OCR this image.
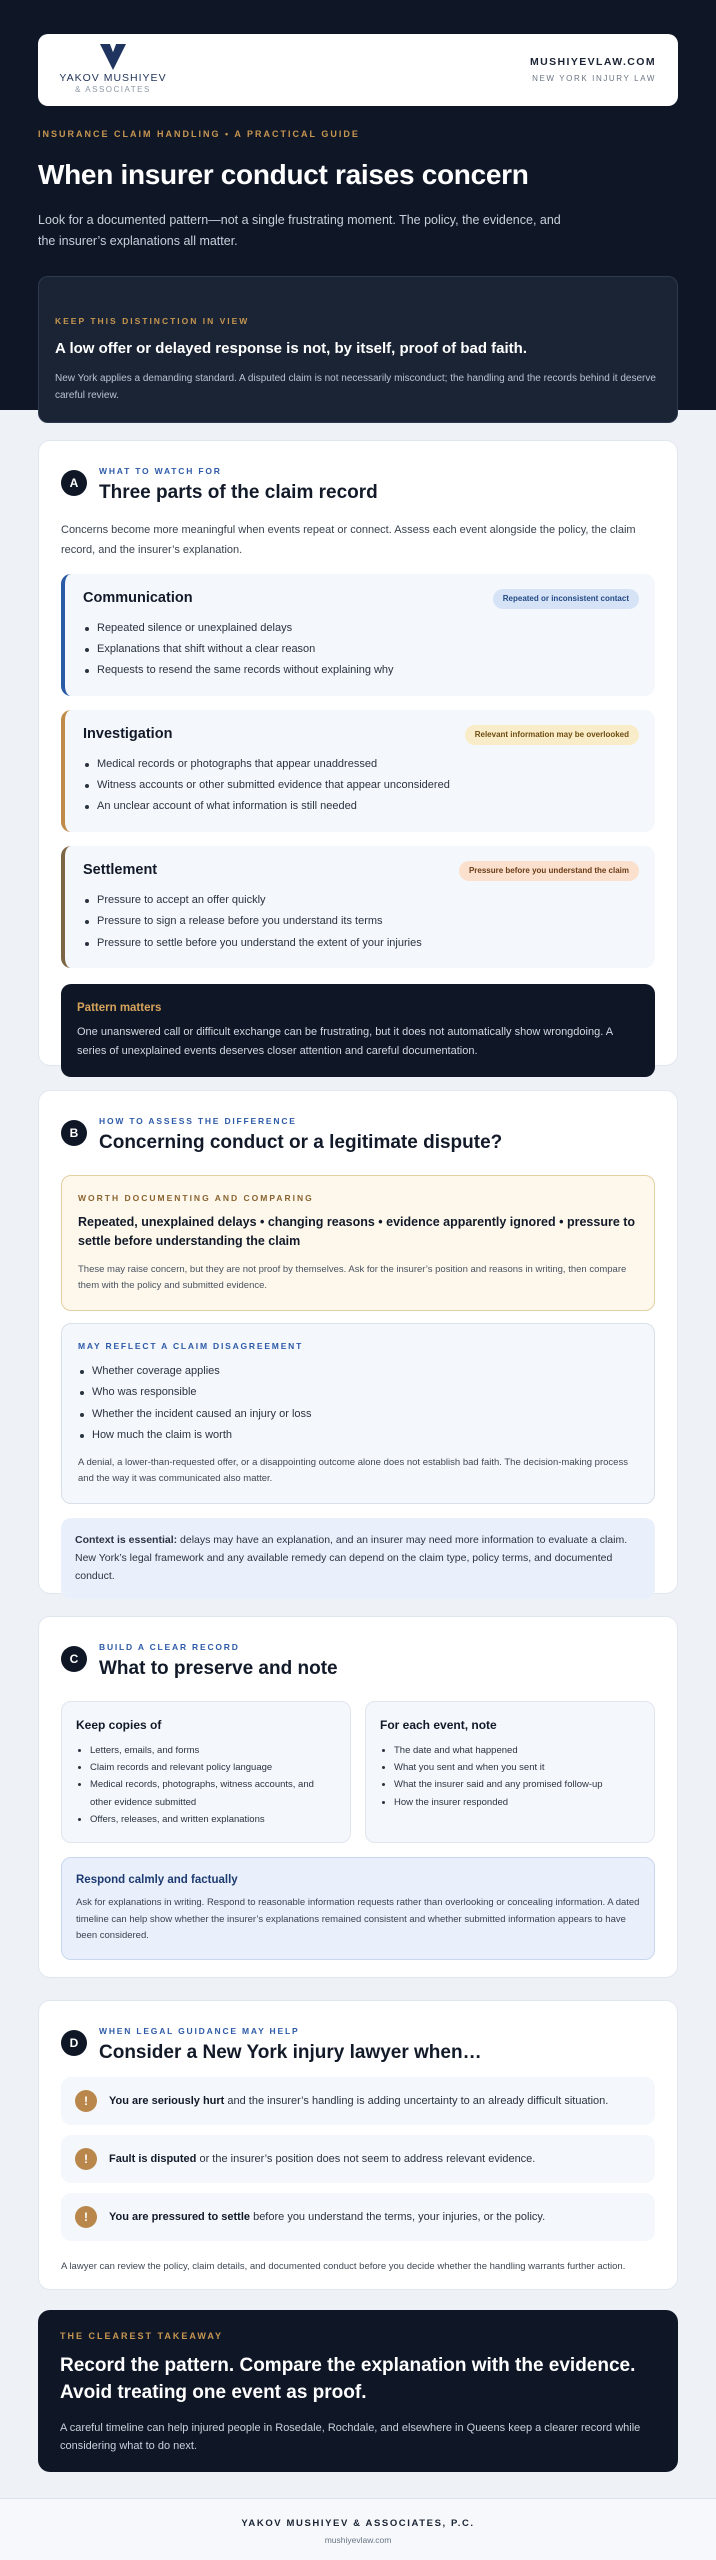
YAKOV MUSHIYEV
& ASSOCIATES
MUSHIYEVLAW.COM
NEW YORK INJURY LAW
INSURANCE CLAIM HANDLING • A PRACTICAL GUIDE
When insurer conduct raises concern

Look for a documented pattern—not a single frustrating moment. The policy, the evidence, and the insurer’s explanations all matter.

KEEP THIS DISTINCTION IN VIEW
A low offer or delayed response is not, by itself, proof of bad faith.

New York applies a demanding standard. A disputed claim is not necessarily misconduct; the handling and the records behind it deserve careful review.

A
WHAT TO WATCH FOR
Three parts of the claim record

Concerns become more meaningful when events repeat or connect. Assess each event alongside the policy, the claim record, and the insurer’s explanation.

Communication	Repeated or inconsistent contact
Repeated silence or unexplained delays
Explanations that shift without a clear reason
Requests to resend the same records without explaining why
Investigation	Relevant information may be overlooked
Medical records or photographs that appear unaddressed
Witness accounts or other submitted evidence that appear unconsidered
An unclear account of what information is still needed
Settlement	Pressure before you understand the claim
Pressure to accept an offer quickly
Pressure to sign a release before you understand its terms
Pressure to settle before you understand the extent of your injuries
Pattern matters

One unanswered call or difficult exchange can be frustrating, but it does not automatically show wrongdoing. A series of unexplained events deserves closer attention and careful documentation.

B
HOW TO ASSESS THE DIFFERENCE
Concerning conduct or a legitimate dispute?
WORTH DOCUMENTING AND COMPARING
Repeated, unexplained delays • changing reasons • evidence apparently ignored • pressure to settle before understanding the claim

These may raise concern, but they are not proof by themselves. Ask for the insurer’s position and reasons in writing, then compare them with the policy and submitted evidence.

MAY REFLECT A CLAIM DISAGREEMENT
Whether coverage applies
Who was responsible
Whether the incident caused an injury or loss
How much the claim is worth

A denial, a lower-than-requested offer, or a disappointing outcome alone does not establish bad faith. The decision-making process and the way it was communicated also matter.

Context is essential: delays may have an explanation, and an insurer may need more information to evaluate a claim. New York’s legal framework and any available remedy can depend on the claim type, policy terms, and documented conduct.

C
BUILD A CLEAR RECORD
What to preserve and note
Keep copies of
Letters, emails, and forms
Claim records and relevant policy language
Medical records, photographs, witness accounts, and other evidence submitted
Offers, releases, and written explanations
For each event, note
The date and what happened
What you sent and when you sent it
What the insurer said and any promised follow-up
How the insurer responded
Respond calmly and factually

Ask for explanations in writing. Respond to reasonable information requests rather than overlooking or concealing information. A dated timeline can help show whether the insurer’s explanations remained consistent and whether submitted information appears to have been considered.

D
WHEN LEGAL GUIDANCE MAY HELP
Consider a New York injury lawyer when…
!	You are seriously hurt and the insurer’s handling is adding uncertainty to an already difficult situation.

!	Fault is disputed or the insurer’s position does not seem to address relevant evidence.

!	You are pressured to settle before you understand the terms, your injuries, or the policy.

A lawyer can review the policy, claim details, and documented conduct before you decide whether the handling warrants further action.

THE CLEAREST TAKEAWAY
Record the pattern. Compare the explanation with the evidence. Avoid treating one event as proof.

A careful timeline can help injured people in Rosedale, Rochdale, and elsewhere in Queens keep a clearer record while considering what to do next.

YAKOV MUSHIYEV & ASSOCIATES, P.C.
mushiyevlaw.com
